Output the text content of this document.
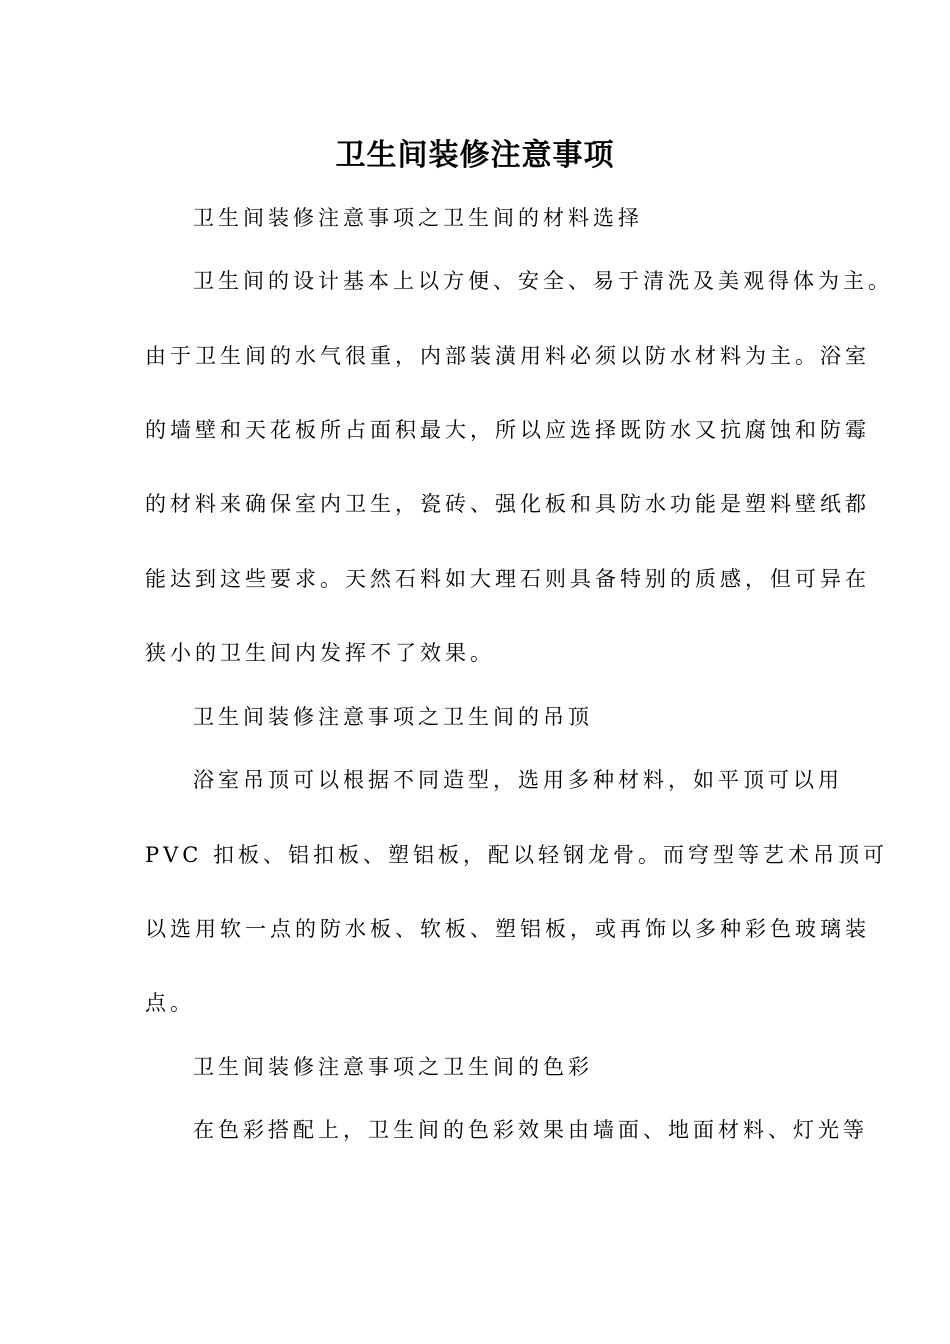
卫生间装修注意事项

卫生间装修注意事项之卫生间的材料选择

卫生间的设计基本上以方便、安全、易于清洗及美观得体为主。

由于卫生间的水气很重，内部装潢用料必须以防水材料为主。浴室

的墙壁和天花板所占面积最大，所以应选择既防水又抗腐蚀和防霉

的材料来确保室内卫生，瓷砖、强化板和具防水功能是塑料壁纸都

能达到这些要求。天然石料如大理石则具备特别的质感，但可异在

狭小的卫生间内发挥不了效果。

卫生间装修注意事项之卫生间的吊顶

浴室吊顶可以根据不同造型，选用多种材料，如平顶可以用

PVC 扣板、铝扣板、塑铝板，配以轻钢龙骨。而穹型等艺术吊顶可

以选用软一点的防水板、软板、塑铝板，或再饰以多种彩色玻璃装

点。

卫生间装修注意事项之卫生间的色彩

在色彩搭配上，卫生间的色彩效果由墙面、地面材料、灯光等
